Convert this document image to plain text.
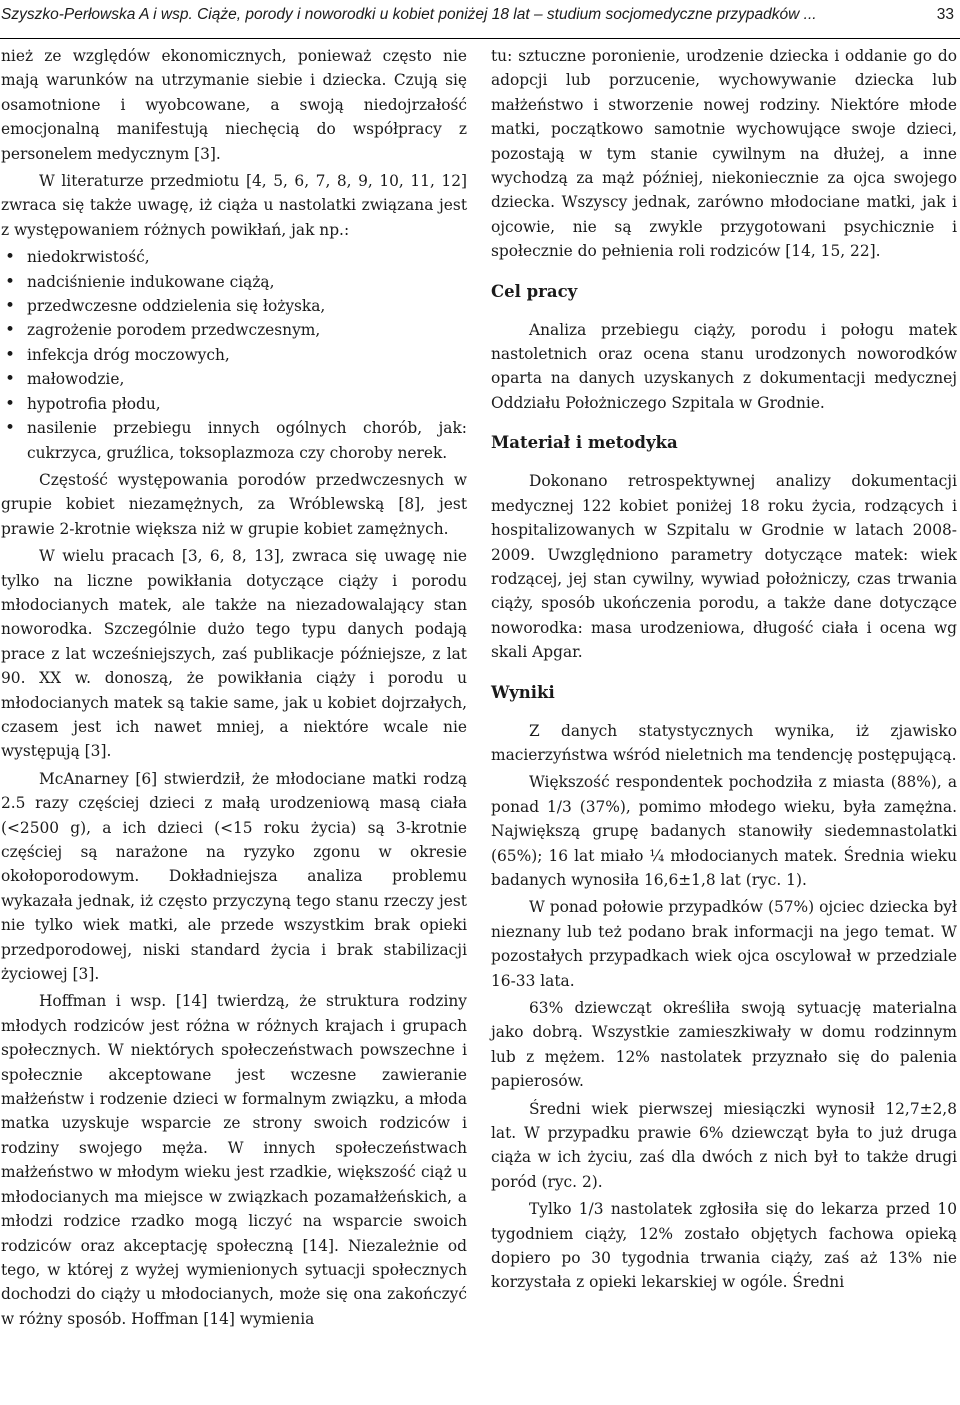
Szyszko-Perłowska A i wsp. Ciąże, porody i noworodki u kobiet poniżej 18 lat – studium socjomedyczne przypadków ...	33

nież ze względów ekonomicznych, ponieważ często nie mają warunków na utrzymanie siebie i dziecka. Czują się osamotnione i wyobcowane, a swoją niedojrzałość emocjonalną manifestują niechęcią do współpracy z personelem medycznym [3].

W literaturze przedmiotu [4, 5, 6, 7, 8, 9, 10, 11, 12] zwraca się także uwagę, iż ciąża u nastolatki związana jest z występowaniem różnych powikłań, jak np.:

• niedokrwistość,
• nadciśnienie indukowane ciążą,
• przedwczesne oddzielenia się łożyska,
• zagrożenie porodem przedwczesnym,
• infekcja dróg moczowych,
• małowodzie,
• hypotrofia płodu,
• nasilenie przebiegu innych ogólnych chorób, jak: cukrzyca, gruźlica, toksoplazmoza czy choroby nerek.

Częstość występowania porodów przedwczesnych w grupie kobiet niezamężnych, za Wróblewską [8], jest prawie 2-krotnie większa niż w grupie kobiet zamężnych.

W wielu pracach [3, 6, 8, 13], zwraca się uwagę nie tylko na liczne powikłania dotyczące ciąży i porodu młodocianych matek, ale także na niezadowalający stan noworodka. Szczególnie dużo tego typu danych podają prace z lat wcześniejszych, zaś publikacje późniejsze, z lat 90. XX w. donoszą, że powikłania ciąży i porodu u młodocianych matek są takie same, jak u kobiet dojrzałych, czasem jest ich nawet mniej, a niektóre wcale nie występują [3].

McAnarney [6] stwierdził, że młodociane matki rodzą 2.5 razy częściej dzieci z małą urodzeniową masą ciała (<2500 g), a ich dzieci (<15 roku życia) są 3-krotnie częściej są narażone na ryzyko zgonu w okresie okołoporodowym. Dokładniejsza analiza problemu wykazała jednak, iż często przyczyną tego stanu rzeczy jest nie tylko wiek matki, ale przede wszystkim brak opieki przedporodowej, niski standard życia i brak stabilizacji życiowej [3].

Hoffman i wsp. [14] twierdzą, że struktura rodziny młodych rodziców jest różna w różnych krajach i grupach społecznych. W niektórych społeczeństwach powszechne i społecznie akceptowane jest wczesne zawieranie małżeństw i rodzenie dzieci w formalnym związku, a młoda matka uzyskuje wsparcie ze strony swoich rodziców i rodziny swojego męża. W innych społeczeństwach małżeństwo w młodym wieku jest rzadkie, większość ciąż u młodocianych ma miejsce w związkach pozamałżeńskich, a młodzi rodzice rzadko mogą liczyć na wsparcie swoich rodziców oraz akceptację społeczną [14]. Niezależnie od tego, w której z wyżej wymienionych sytuacji społecznych dochodzi do ciąży u młodocianych, może się ona zakończyć w różny sposób. Hoffman [14] wymienia

tu: sztuczne poronienie, urodzenie dziecka i oddanie go do adopcji lub porzucenie, wychowywanie dziecka lub małżeństwo i stworzenie nowej rodziny. Niektóre młode matki, początkowo samotnie wychowujące swoje dzieci, pozostają w tym stanie cywilnym na dłużej, a inne wychodzą za mąż później, niekoniecznie za ojca swojego dziecka. Wszyscy jednak, zarówno młodociane matki, jak i ojcowie, nie są zwykle przygotowani psychicznie i społecznie do pełnienia roli rodziców [14, 15, 22].

Cel pracy

Analiza przebiegu ciąży, porodu i połogu matek nastoletnich oraz ocena stanu urodzonych noworodków oparta na danych uzyskanych z dokumentacji medycznej Oddziału Położniczego Szpitala w Grodnie.

Materiał i metodyka

Dokonano retrospektywnej analizy dokumentacji medycznej 122 kobiet poniżej 18 roku życia, rodzących i hospitalizowanych w Szpitalu w Grodnie w latach 2008-2009. Uwzględniono parametry dotyczące matek: wiek rodzącej, jej stan cywilny, wywiad położniczy, czas trwania ciąży, sposób ukończenia porodu, a także dane dotyczące noworodka: masa urodzeniowa, długość ciała i ocena wg skali Apgar.

Wyniki

Z danych statystycznych wynika, iż zjawisko macierzyństwa wśród nieletnich ma tendencję postępującą.

Większość respondentek pochodziła z miasta (88%), a ponad 1/3 (37%), pomimo młodego wieku, była zamężna. Największą grupę badanych stanowiły siedemnastolatki (65%); 16 lat miało ¼ młodocianych matek. Średnia wieku badanych wynosiła 16,6±1,8 lat (ryc. 1).

W ponad połowie przypadków (57%) ojciec dziecka był nieznany lub też podano brak informacji na jego temat. W pozostałych przypadkach wiek ojca oscylował w przedziale 16-33 lata.

63% dziewcząt określiła swoją sytuację materialna jako dobrą. Wszystkie zamieszkiwały w domu rodzinnym lub z mężem. 12% nastolatek przyznało się do palenia papierosów.

Średni wiek pierwszej miesiączki wynosił 12,7±2,8 lat. W przypadku prawie 6% dziewcząt była to już druga ciąża w ich życiu, zaś dla dwóch z nich był to także drugi poród (ryc. 2).

Tylko 1/3 nastolatek zgłosiła się do lekarza przed 10 tygodniem ciąży, 12% zostało objętych fachowa opieką dopiero po 30 tygodnia trwania ciąży, zaś aż 13% nie korzystała z opieki lekarskiej w ogóle. Średni
